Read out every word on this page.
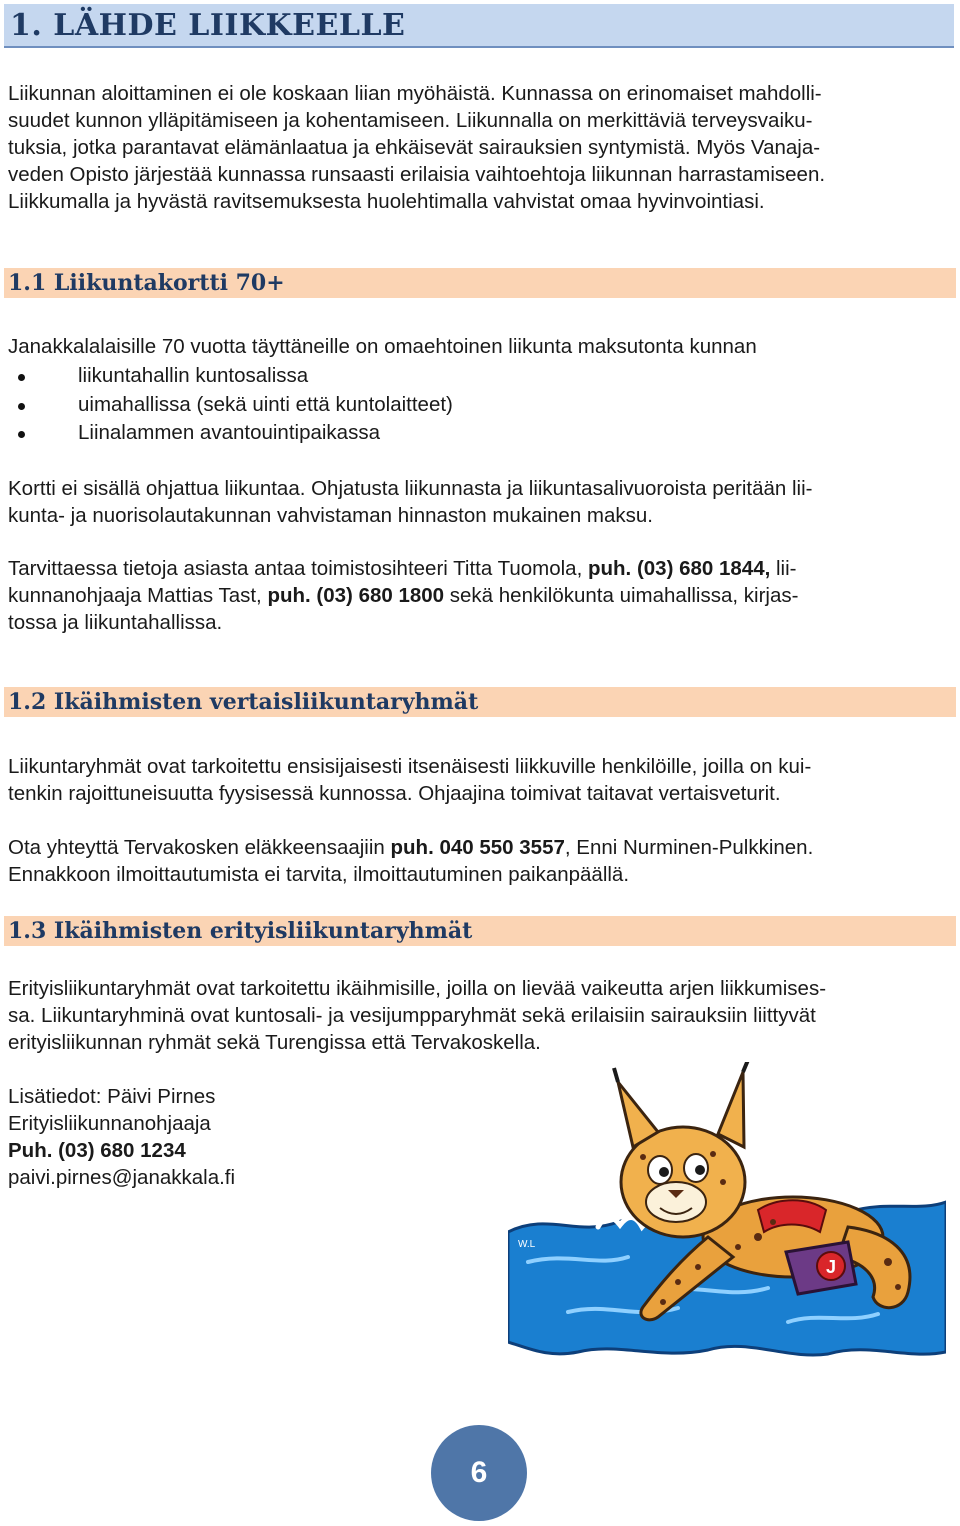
1. LÄHDE LIIKKEELLE
Liikunnan aloittaminen ei ole koskaan liian myöhäistä. Kunnassa on erinomaiset mahdolli-
suudet kunnon ylläpitämiseen ja kohentamiseen. Liikunnalla on merkittäviä terveysvaiku-
tuksia, jotka parantavat elämänlaatua ja ehkäisevät sairauksien syntymistä. Myös Vanaja-
veden Opisto järjestää kunnassa runsaasti erilaisia vaihtoehtoja liikunnan harrastamiseen.
Liikkumalla ja hyvästä ravitsemuksesta huolehtimalla vahvistat omaa hyvinvointiasi.
1.1 Liikuntakortti 70+
Janakkalalaisille 70 vuotta täyttäneille on omaehtoinen liikunta maksutonta kunnan
liikuntahallin kuntosalissa
uimahallissa (sekä uinti että kuntolaitteet)
Liinalammen avantouintipaikassa
Kortti ei sisällä ohjattua liikuntaa. Ohjatusta liikunnasta ja liikuntasalivuoroista peritään lii-
kunta- ja nuorisolautakunnan vahvistaman hinnaston mukainen maksu.
Tarvittaessa tietoja asiasta antaa toimistosihteeri Titta Tuomola, puh. (03) 680 1844, lii-
kunnanohjaaja Mattias Tast, puh. (03) 680 1800 sekä henkilökunta uimahallissa, kirjas-
tossa ja liikuntahallissa.
1.2 Ikäihmisten vertaisliikuntaryhmät
Liikuntaryhmät ovat tarkoitettu ensisijaisesti itsenäisesti liikkuville henkilöille, joilla on kui-
tenkin rajoittuneisuutta fyysisessä kunnossa. Ohjaajina toimivat taitavat vertaisveturit.
Ota yhteyttä Tervakosken eläkkeensaajiin puh. 040 550 3557, Enni Nurminen-Pulkkinen.
Ennakkoon ilmoittautumista ei tarvita, ilmoittautuminen paikanpäällä.
1.3 Ikäihmisten erityisliikuntaryhmät
Erityisliikuntaryhmät ovat tarkoitettu ikäihmisille, joilla on lievää vaikeutta arjen liikkumises-
sa. Liikuntaryhminä ovat kuntosali- ja vesijumpparyhmät sekä erilaisiin sairauksiin liittyvät
erityisliikunnan ryhmät sekä Turengissa että Tervakoskella.
Lisätiedot: Päivi Pirnes
Erityisliikunnanohjaaja
Puh. (03) 680 1234
paivi.pirnes@janakkala.fi
J
W.L
6
